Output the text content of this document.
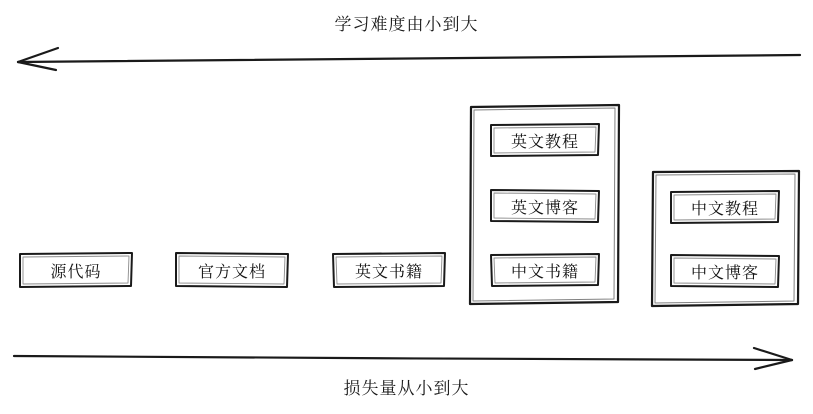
学习难度由小到大
源代码	官方文档	英文书籍
英文教程
英文博客
中文书籍
中文教程
中文博客
损失量从小到大
